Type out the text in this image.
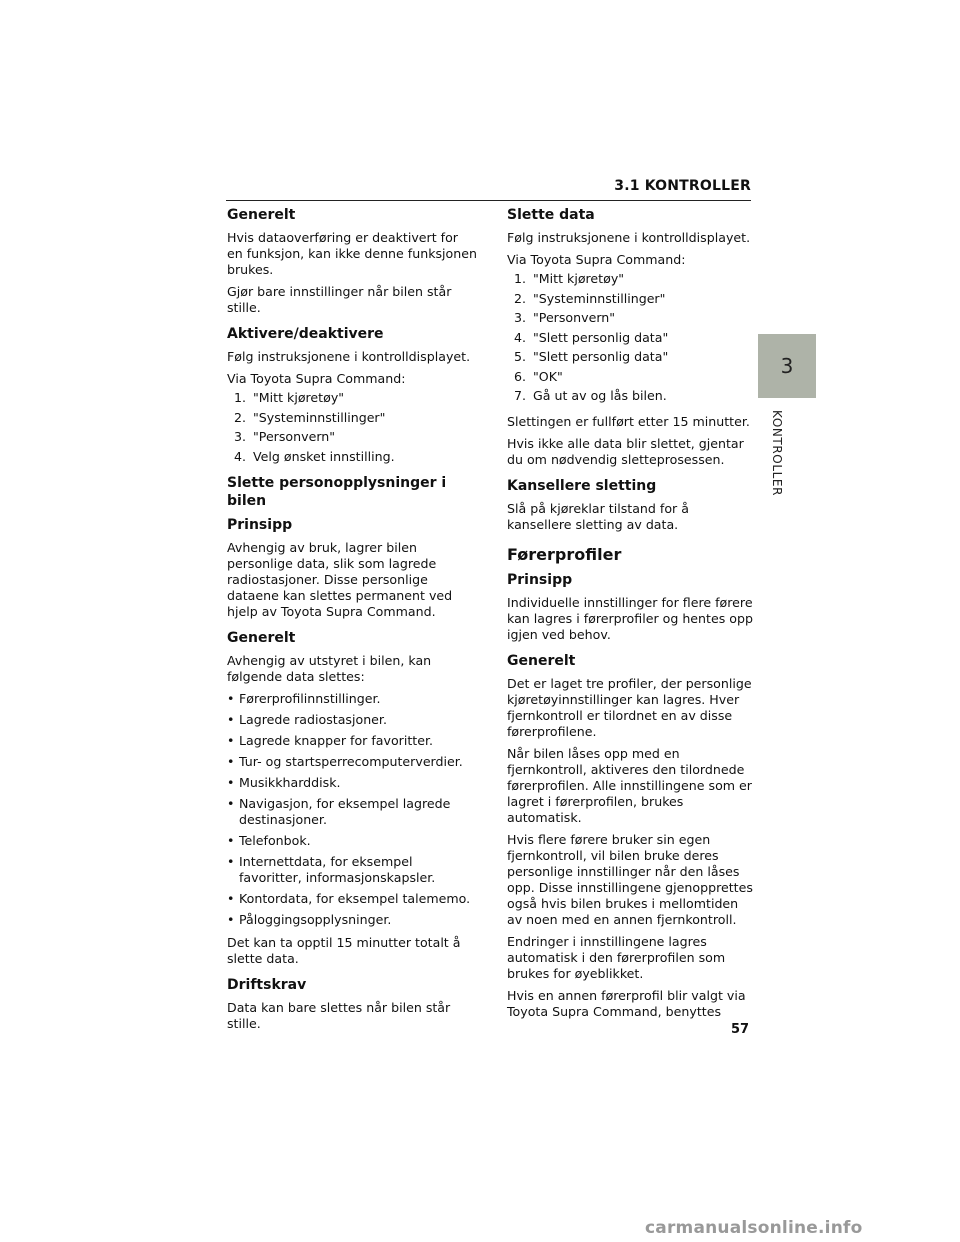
3.1 KONTROLLER
Generelt

Hvis dataoverføring er deaktivert for en funksjon, kan ikke denne funksjonen brukes.

Gjør bare innstillinger når bilen står stille.

Aktivere/deaktivere

Følg instruksjonene i kontrolldisplayet.

Via Toyota Supra Command:

1. "Mitt kjøretøy"
2. "Systeminnstillinger"
3. "Personvern"
4. Velg ønsket innstilling.
Slette personopplysninger i bilen
Prinsipp

Avhengig av bruk, lagrer bilen personlige data, slik som lagrede radiostasjoner. Disse personlige dataene kan slettes permanent ved hjelp av Toyota Supra Command.

Generelt

Avhengig av utstyret i bilen, kan følgende data slettes:

• Førerprofilinnstillinger.
• Lagrede radiostasjoner.
• Lagrede knapper for favoritter.
• Tur- og startsperrecomputerverdier.
• Musikkharddisk.
• Navigasjon, for eksempel lagrede destinasjoner.
• Telefonbok.
• Internettdata, for eksempel favoritter, informasjonskapsler.
• Kontordata, for eksempel talememo.
• Påloggingsopplysninger.

Det kan ta opptil 15 minutter totalt å slette data.

Driftskrav

Data kan bare slettes når bilen står stille.

Slette data

Følg instruksjonene i kontrolldisplayet.

Via Toyota Supra Command:

1. "Mitt kjøretøy"
2. "Systeminnstillinger"
3. "Personvern"
4. "Slett personlig data"
5. "Slett personlig data"
6. "OK"
7. Gå ut av og lås bilen.

Slettingen er fullført etter 15 minutter.

Hvis ikke alle data blir slettet, gjentar du om nødvendig sletteprosessen.

Kansellere sletting

Slå på kjøreklar tilstand for å kansellere sletting av data.

Førerprofiler
Prinsipp

Individuelle innstillinger for flere førere kan lagres i førerprofiler og hentes opp igjen ved behov.

Generelt

Det er laget tre profiler, der personlige kjøretøyinnstillinger kan lagres. Hver fjernkontroll er tilordnet en av disse førerprofilene.

Når bilen låses opp med en fjernkontroll, aktiveres den tilordnede førerprofilen. Alle innstillingene som er lagret i førerprofilen, brukes automatisk.

Hvis flere førere bruker sin egen fjernkontroll, vil bilen bruke deres personlige innstillinger når den låses opp. Disse innstillingene gjenopprettes også hvis bilen brukes i mellomtiden av noen med en annen fjernkontroll.

Endringer i innstillingene lagres automatisk i den førerprofilen som brukes for øyeblikket.

Hvis en annen førerprofil blir valgt via Toyota Supra Command, benyttes

3
KONTROLLER
57
carmanualsonline.info
